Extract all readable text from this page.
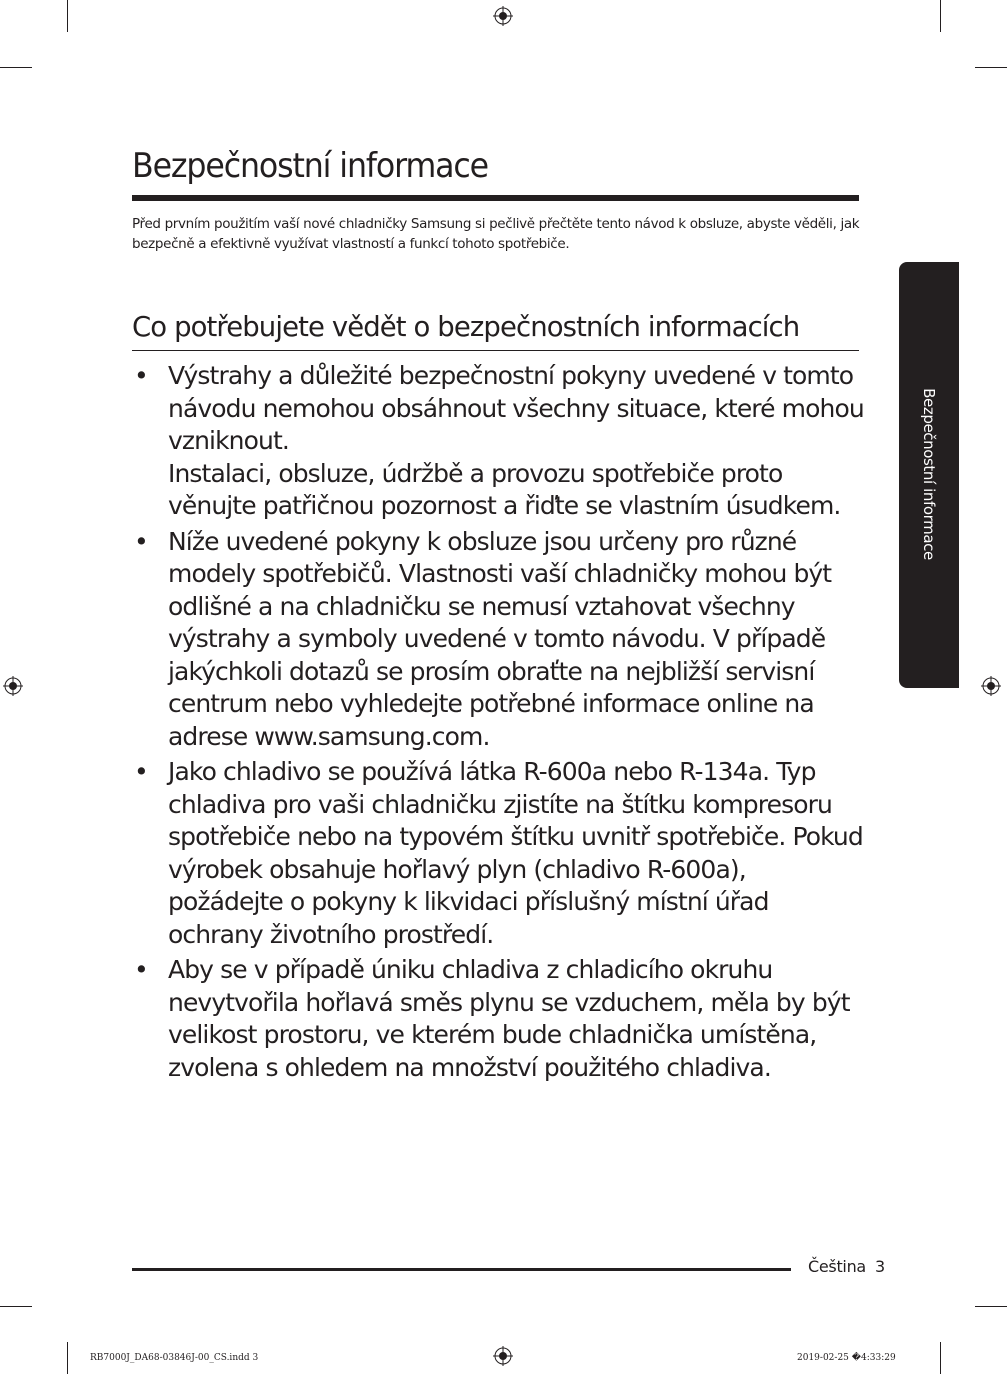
Bezpečnostní informace

Před prvním použitím vaší nové chladničky Samsung si pečlivě přečtěte tento návod k obsluze, abyste věděli, jak bezpečně a efektivně využívat vlastností a funkcí tohoto spotřebiče.

Co potřebujete vědět o bezpečnostních informacích
• Výstrahy a důležité bezpečnostní pokyny uvedené v tomto návodu nemohou obsáhnout všechny situace, které mohou vzniknout.
Instalaci, obsluze, údržbě a provozu spotřebiče proto věnujte patřičnou pozornost a řiďte se vlastním úsudkem.
• Níže uvedené pokyny k obsluze jsou určeny pro různé modely spotřebičů. Vlastnosti vaší chladničky mohou být odlišné a na chladničku se nemusí vztahovat všechny výstrahy a symboly uvedené v tomto návodu. V případě jakýchkoli dotazů se prosím obraťte na nejbližší servisní centrum nebo vyhledejte potřebné informace online na adrese www.samsung.com.
• Jako chladivo se používá látka R-600a nebo R-134a. Typ chladiva pro vaši chladničku zjistíte na štítku kompresoru spotřebiče nebo na typovém štítku uvnitř spotřebiče. Pokud výrobek obsahuje hořlavý plyn (chladivo R-600a), požádejte o pokyny k likvidaci příslušný místní úřad ochrany životního prostředí.
• Aby se v případě úniku chladiva z chladicího okruhu nevytvořila hořlavá směs plynu se vzduchem, měla by být velikost prostoru, ve kterém bude chladnička umístěna, zvolena s ohledem na množství použitého chladiva.
Bezpečnostní informace
Čeština 3
RB7000J_DA68-03846J-00_CS.indd 3	2019-02-25 �4:33:29
